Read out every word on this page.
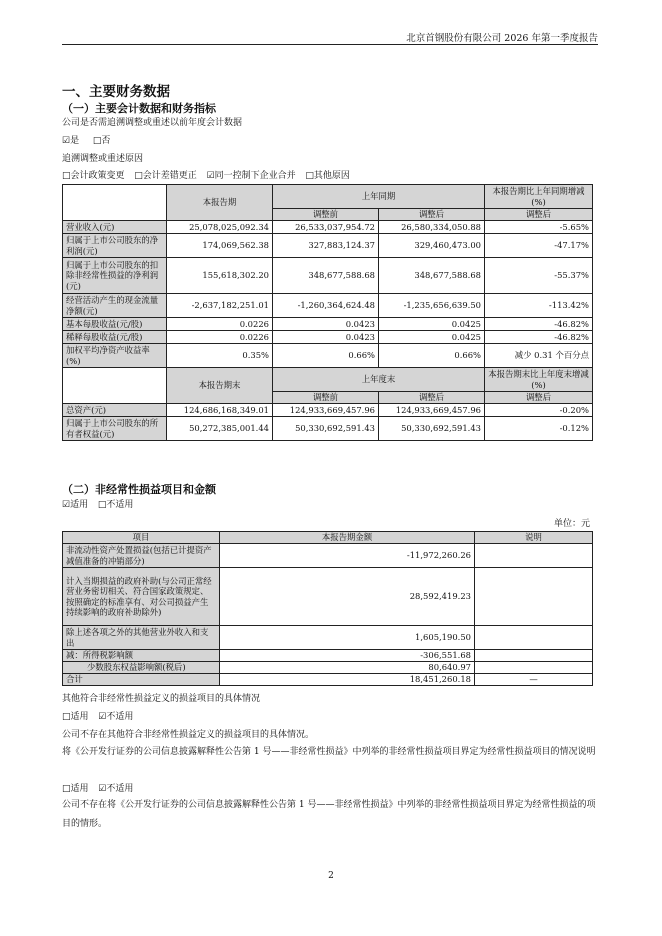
北京首钢股份有限公司 2026 年第一季度报告
一、主要财务数据
（一）主要会计数据和财务指标
公司是否需追溯调整或重述以前年度会计数据
☑是 □否
追溯调整或重述原因
□会计政策变更 □会计差错更正 ☑同一控制下企业合并 □其他原因
	本报告期	上年同期		本报告期比上年同期增减(%)
		调整前	调整后	调整后
营业收入(元)	25,078,025,092.34	26,533,037,954.72	26,580,334,050.88	-5.65%
归属于上市公司股东的净利润(元)	174,069,562.38	327,883,124.37	329,460,473.00	-47.17%
归属于上市公司股东的扣除非经常性损益的净利润(元)	155,618,302.20	348,677,588.68	348,677,588.68	-55.37%
经营活动产生的现金流量净额(元)	-2,637,182,251.01	-1,260,364,624.48	-1,235,656,639.50	-113.42%
基本每股收益(元/股)	0.0226	0.0423	0.0425	-46.82%
稀释每股收益(元/股)	0.0226	0.0423	0.0425	-46.82%
加权平均净资产收益率(%)	0.35%	0.66%	0.66%	减少 0.31 个百分点
	本报告期末	上年度末		本报告期末比上年度末增减(%)
		调整前	调整后	调整后
总资产(元)	124,686,168,349.01	124,933,669,457.96	124,933,669,457.96	-0.20%
归属于上市公司股东的所有者权益(元)	50,272,385,001.44	50,330,692,591.43	50,330,692,591.43	-0.12%
（二）非经常性损益项目和金额
☑适用 □不适用
单位：元
项目	本报告期金额	说明
非流动性资产处置损益(包括已计提资产减值准备的冲销部分)	-11,972,260.26	
计入当期损益的政府补助(与公司正常经营业务密切相关、符合国家政策规定、按照确定的标准享有、对公司损益产生持续影响的政府补助除外)	28,592,419.23	
除上述各项之外的其他营业外收入和支出	1,605,190.50	
减：所得税影响额	-306,551.68	
少数股东权益影响额(税后)	80,640.97	
合计	18,451,260.18	—
其他符合非经常性损益定义的损益项目的具体情况
□适用 ☑不适用
公司不存在其他符合非经常性损益定义的损益项目的具体情况。
将《公开发行证券的公司信息披露解释性公告第 1 号——非经常性损益》中列举的非经常性损益项目界定为经常性损益项目的情况说明
□适用 ☑不适用
公司不存在将《公开发行证券的公司信息披露解释性公告第 1 号——非经常性损益》中列举的非经常性损益项目界定为经常性损益的项目的情形。
2
